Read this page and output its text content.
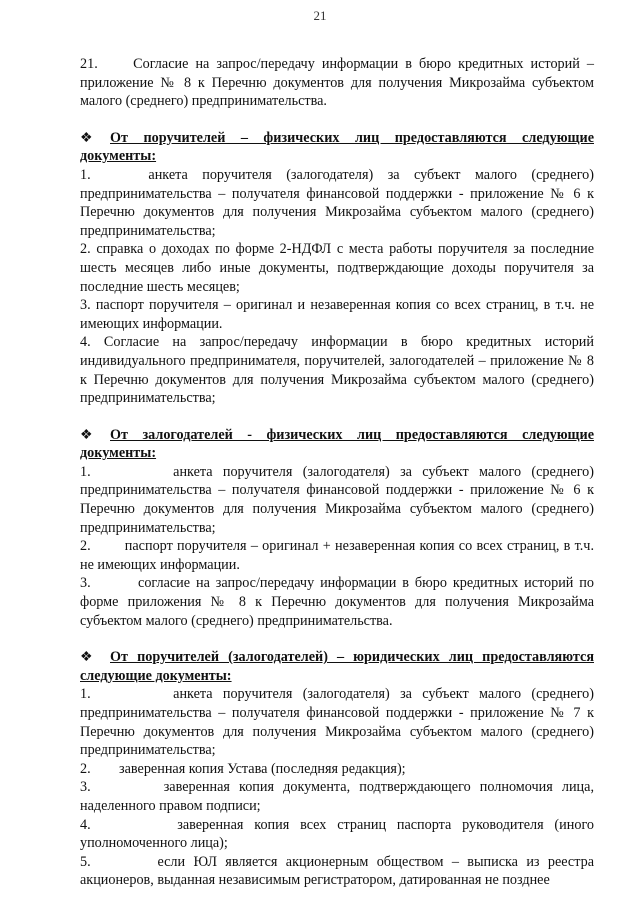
21

21. Согласие на запрос/передачу информации в бюро кредитных историй – приложение № 8 к Перечню документов для получения Микрозайма субъектом малого (среднего) предпринимательства.

❖ От поручителей – физических лиц предоставляются следующие документы:

1.    анкета поручителя (залогодателя) за субъект малого (среднего) предпринимательства – получателя финансовой поддержки - приложение № 6 к Перечню документов для получения Микрозайма субъектом малого (среднего) предпринимательства;

2. справка о доходах по форме 2-НДФЛ с места работы поручителя за последние шесть месяцев либо иные документы, подтверждающие доходы поручителя за последние шесть месяцев;

3. паспорт поручителя – оригинал и незаверенная копия со всех страниц, в т.ч. не имеющих информации.

4. Согласие на запрос/передачу информации в бюро кредитных историй индивидуального предпринимателя, поручителей, залогодателей – приложение № 8 к Перечню документов для получения Микрозайма субъектом малого (среднего) предпринимательства;

❖ От залогодателей - физических лиц предоставляются следующие документы:

1.        анкета поручителя (залогодателя) за субъект малого (среднего) предпринимательства – получателя финансовой поддержки - приложение № 6 к Перечню документов для получения Микрозайма субъектом малого (среднего) предпринимательства;

2.        паспорт поручителя – оригинал + незаверенная копия со всех страниц, в т.ч. не имеющих информации.

3.        согласие на запрос/передачу информации в бюро кредитных историй по форме приложения № 8 к Перечню документов для получения Микрозайма субъектом малого (среднего) предпринимательства.

❖ От поручителей (залогодателей) – юридических лиц предоставляются следующие документы:

1.        анкета поручителя (залогодателя) за субъект малого (среднего) предпринимательства – получателя финансовой поддержки - приложение № 7 к Перечню документов для получения Микрозайма субъектом малого (среднего) предпринимательства;

2.        заверенная копия Устава (последняя редакция);

3.        заверенная копия документа, подтверждающего полномочия лица, наделенного правом подписи;

4.        заверенная копия всех страниц паспорта руководителя (иного уполномоченного лица);

5.        если ЮЛ является акционерным обществом – выписка из реестра акционеров, выданная независимым регистратором, датированная не позднее
